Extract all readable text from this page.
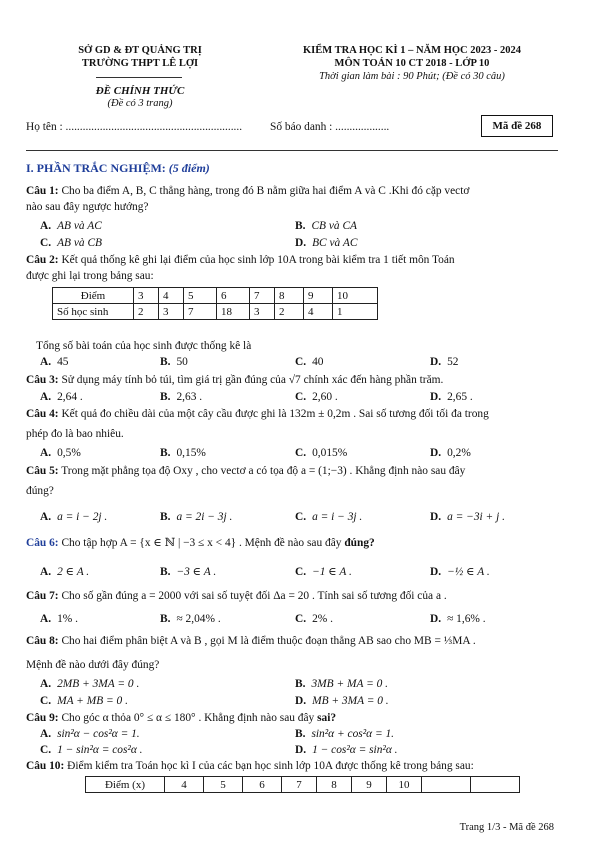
SỞ GD & ĐT QUẢNG TRỊ
TRƯỜNG THPT LÊ LỢI
ĐỀ CHÍNH THỨC
(Đề có 3 trang)
KIỂM TRA HỌC KÌ 1 – NĂM HỌC 2023 - 2024
MÔN TOÁN 10 CT 2018 - LỚP 10
Thời gian làm bài : 90 Phút; (Đề có 30 câu)
Họ tên : .............................................................. Số báo danh : ...................	Mã đề 268
I. PHẦN TRẮC NGHIỆM: (5 điểm)
Câu 1: Cho ba điểm A, B, C thẳng hàng, trong đó B nằm giữa hai điểm A và C .Khi đó cặp vectơ
nào sau đây ngược hướng?
A. AB và AC	B. CB và CA
C. AB và CB	D. BC và AC
Câu 2: Kết quả thống kê ghi lại điểm của học sinh lớp 10A trong bài kiểm tra 1 tiết môn Toán
được ghi lại trong bảng sau:
Điểm	3	4	5	6	7	8	9	10
Số học sinh	2	3	7	18	3	2	4	1
Tổng số bài toán của học sinh được thống kê là
A. 45	B. 50	C. 40	D. 52
Câu 3: Sử dụng máy tính bỏ túi, tìm giá trị gần đúng của √7 chính xác đến hàng phần trăm.
A. 2,64 .	B. 2,63 .	C. 2,60 .	D. 2,65 .
Câu 4: Kết quả đo chiều dài của một cây cầu được ghi là 132m ± 0,2m . Sai số tương đối tối đa trong
phép đo là bao nhiêu.
A. 0,5%	B. 0,15%	C. 0,015%	D. 0,2%
Câu 5: Trong mặt phẳng tọa độ Oxy , cho vectơ a có tọa độ a = (1;−3) . Khẳng định nào sau đây
đúng?
A. a = i − 2j .	B. a = 2i − 3j .	C. a = i − 3j .	D. a = −3i + j .
Câu 6: Cho tập hợp A = {x ∈ ℕ | −3 ≤ x < 4} . Mệnh đề nào sau đây đúng?
A. 2 ∈ A .	B. −3 ∈ A .	C. −1 ∈ A .	D. −½ ∈ A .
Câu 7: Cho số gần đúng a = 2000 với sai số tuyệt đối Δa = 20 . Tính sai số tương đối của a .
A. 1% .	B. ≈ 2,04% .	C. 2% .	D. ≈ 1,6% .
Câu 8: Cho hai điểm phân biệt A và B , gọi M là điểm thuộc đoạn thẳng AB sao cho MB = ⅓MA .
Mệnh đề nào dưới đây đúng?
A. 2MB + 3MA = 0 .	B. 3MB + MA = 0 .
C. MA + MB = 0 .	D. MB + 3MA = 0 .
Câu 9: Cho góc α thỏa 0° ≤ α ≤ 180° . Khẳng định nào sau đây sai?
A. sin²α − cos²α = 1.	B. sin²α + cos²α = 1.
C. 1 − sin²α = cos²α .	D. 1 − cos²α = sin²α .
Câu 10: Điểm kiểm tra Toán học kì I của các bạn học sinh lớp 10A được thống kê trong bảng sau:
Điểm (x)	4	5	6	7	8	9	10		
Trang 1/3 - Mã đề 268
